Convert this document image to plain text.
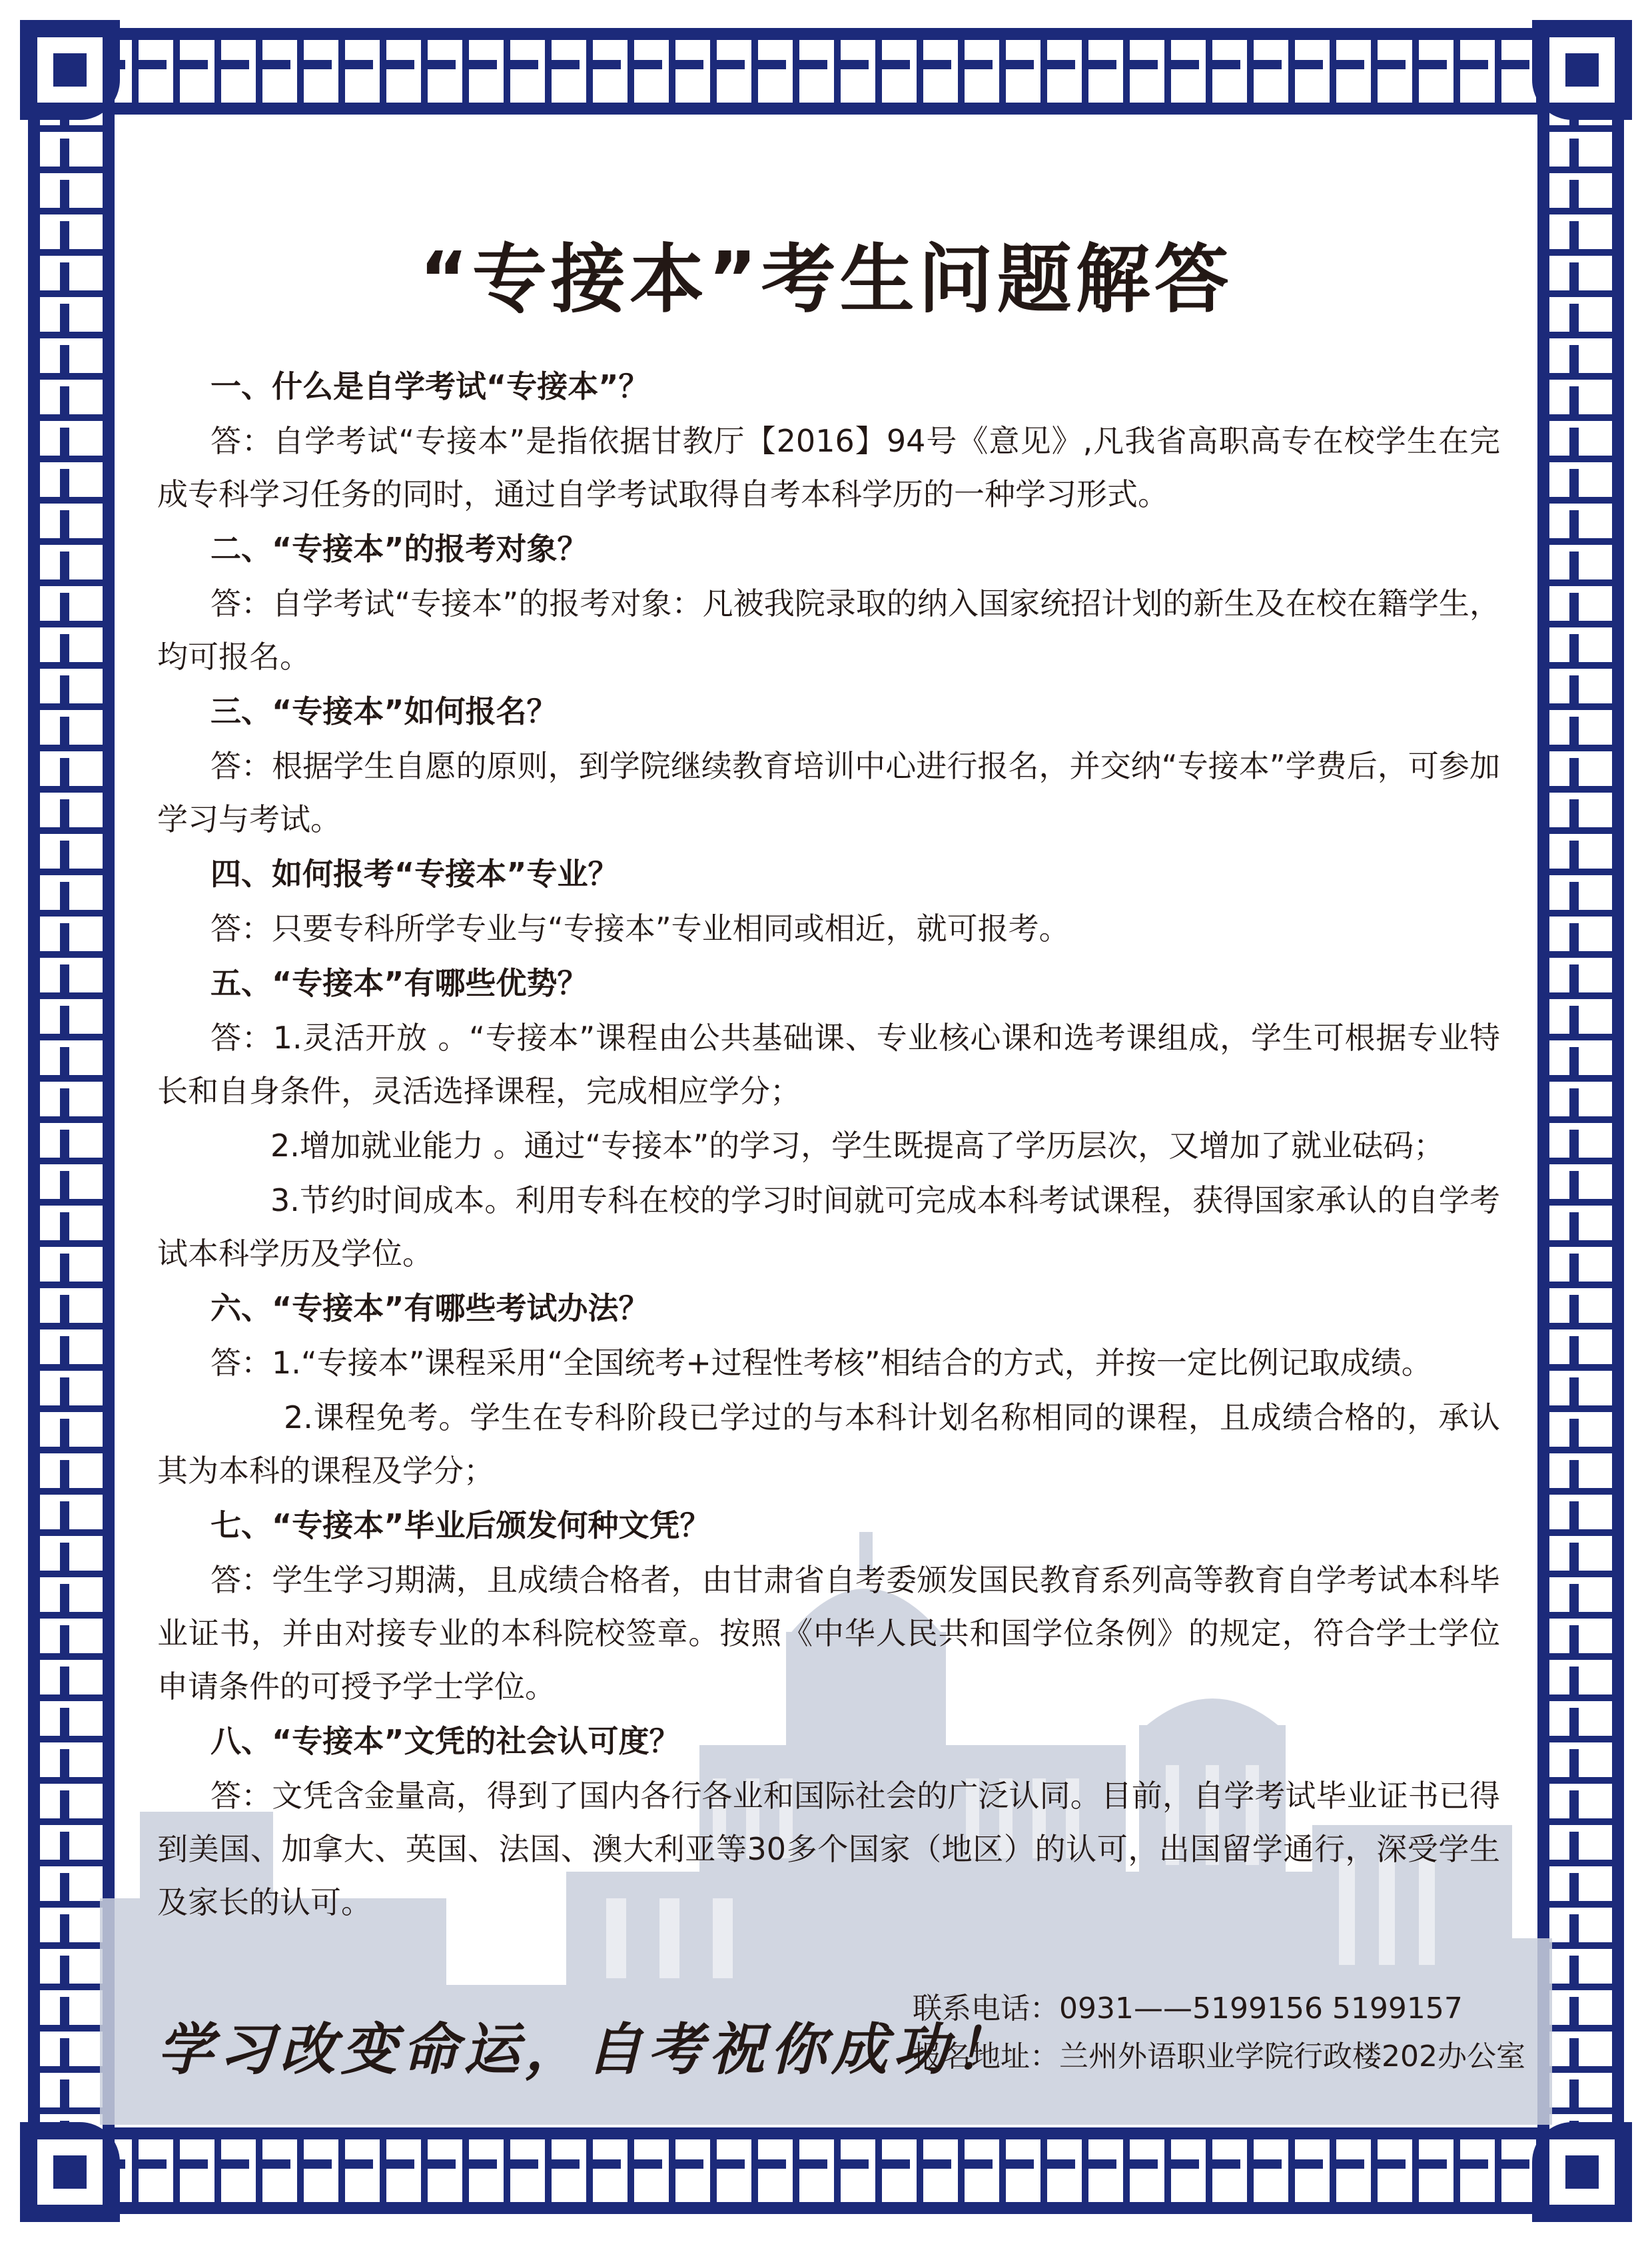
“专接本”考生问题解答

一、什么是自学考试“专接本”？

答：自学考试“专接本”是指依据甘教厅【2016】94号《意见》,凡我省高职高专在校学生在完成专科学习任务的同时，通过自学考试取得自考本科学历的一种学习形式。

二、“专接本”的报考对象？

答：自学考试“专接本”的报考对象：凡被我院录取的纳入国家统招计划的新生及在校在籍学生，均可报名。

三、“专接本”如何报名？

答：根据学生自愿的原则，到学院继续教育培训中心进行报名，并交纳“专接本”学费后，可参加学习与考试。

四、如何报考“专接本”专业？

答：只要专科所学专业与“专接本”专业相同或相近，就可报考。

五、“专接本”有哪些优势？

答：1.灵活开放 。“专接本”课程由公共基础课、专业核心课和选考课组成，学生可根据专业特长和自身条件，灵活选择课程，完成相应学分；

2.增加就业能力 。通过“专接本”的学习，学生既提高了学历层次，又增加了就业砝码；

3.节约时间成本。利用专科在校的学习时间就可完成本科考试课程，获得国家承认的自学考试本科学历及学位。

六、“专接本”有哪些考试办法？

答：1.“专接本”课程采用“全国统考+过程性考核”相结合的方式，并按一定比例记取成绩。

2.课程免考。学生在专科阶段已学过的与本科计划名称相同的课程，且成绩合格的，承认其为本科的课程及学分；

七、“专接本”毕业后颁发何种文凭？

答：学生学习期满，且成绩合格者，由甘肃省自考委颁发国民教育系列高等教育自学考试本科毕业证书，并由对接专业的本科院校签章。按照《中华人民共和国学位条例》的规定，符合学士学位申请条件的可授予学士学位。

八、“专接本”文凭的社会认可度？

答：文凭含金量高，得到了国内各行各业和国际社会的广泛认同。目前，自学考试毕业证书已得到美国、加拿大、英国、法国、澳大利亚等30多个国家（地区）的认可，出国留学通行，深受学生及家长的认可。

学习改变命运，自考祝你成功！
联系电话：0931——5199156 5199157
报名地址：兰州外语职业学院行政楼202办公室
